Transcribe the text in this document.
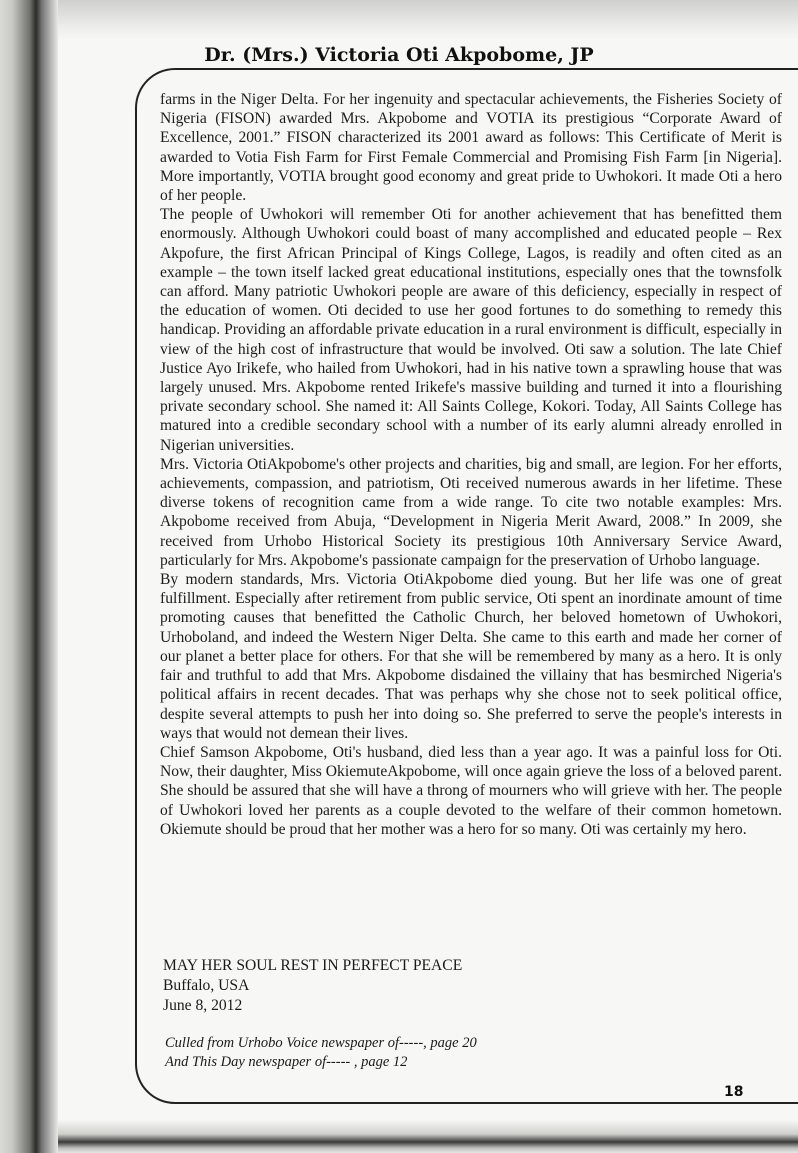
Dr. (Mrs.) Victoria Oti Akpobome, JP

farms in the Niger Delta. For her ingenuity and spectacular achievements, the Fisheries Society of Nigeria (FISON) awarded Mrs. Akpobome and VOTIA its prestigious “Corporate Award of Excellence, 2001.” FISON characterized its 2001 award as follows: This Certificate of Merit is awarded to Votia Fish Farm for First Female Commercial and Promising Fish Farm [in Nigeria]. More importantly, VOTIA brought good economy and great pride to Uwhokori. It made Oti a hero of her people.

The people of Uwhokori will remember Oti for another achievement that has benefitted them enormously. Although Uwhokori could boast of many accomplished and educated people – Rex Akpofure, the first African Principal of Kings College, Lagos, is readily and often cited as an example – the town itself lacked great educational institutions, especially ones that the townsfolk can afford. Many patriotic Uwhokori people are aware of this deficiency, especially in respect of the education of women. Oti decided to use her good fortunes to do something to remedy this handicap. Providing an affordable private education in a rural environment is difficult, especially in view of the high cost of infrastructure that would be involved. Oti saw a solution. The late Chief Justice Ayo Irikefe, who hailed from Uwhokori, had in his native town a sprawling house that was largely unused. Mrs. Akpobome rented Irikefe's massive building and turned it into a flourishing private secondary school. She named it: All Saints College, Kokori. Today, All Saints College has matured into a credible secondary school with a number of its early alumni already enrolled in Nigerian universities.

Mrs. Victoria OtiAkpobome's other projects and charities, big and small, are legion. For her efforts, achievements, compassion, and patriotism, Oti received numerous awards in her lifetime. These diverse tokens of recognition came from a wide range. To cite two notable examples: Mrs. Akpobome received from Abuja, “Development in Nigeria Merit Award, 2008.” In 2009, she received from Urhobo Historical Society its prestigious 10th Anniversary Service Award, particularly for Mrs. Akpobome's passionate campaign for the preservation of Urhobo language.

By modern standards, Mrs. Victoria OtiAkpobome died young. But her life was one of great fulfillment. Especially after retirement from public service, Oti spent an inordinate amount of time promoting causes that benefitted the Catholic Church, her beloved hometown of Uwhokori, Urhoboland, and indeed the Western Niger Delta. She came to this earth and made her corner of our planet a better place for others. For that she will be remembered by many as a hero. It is only fair and truthful to add that Mrs. Akpobome disdained the villainy that has besmirched Nigeria's political affairs in recent decades. That was perhaps why she chose not to seek political office, despite several attempts to push her into doing so. She preferred to serve the people's interests in ways that would not demean their lives.

Chief Samson Akpobome, Oti's husband, died less than a year ago. It was a painful loss for Oti. Now, their daughter, Miss OkiemuteAkpobome, will once again grieve the loss of a beloved parent. She should be assured that she will have a throng of mourners who will grieve with her. The people of Uwhokori loved her parents as a couple devoted to the welfare of their common hometown. Okiemute should be proud that her mother was a hero for so many. Oti was certainly my hero.

MAY HER SOUL REST IN PERFECT PEACE
Buffalo, USA
June 8, 2012
Culled from Urhobo Voice newspaper of-----, page 20
And This Day newspaper of----- , page 12
18
